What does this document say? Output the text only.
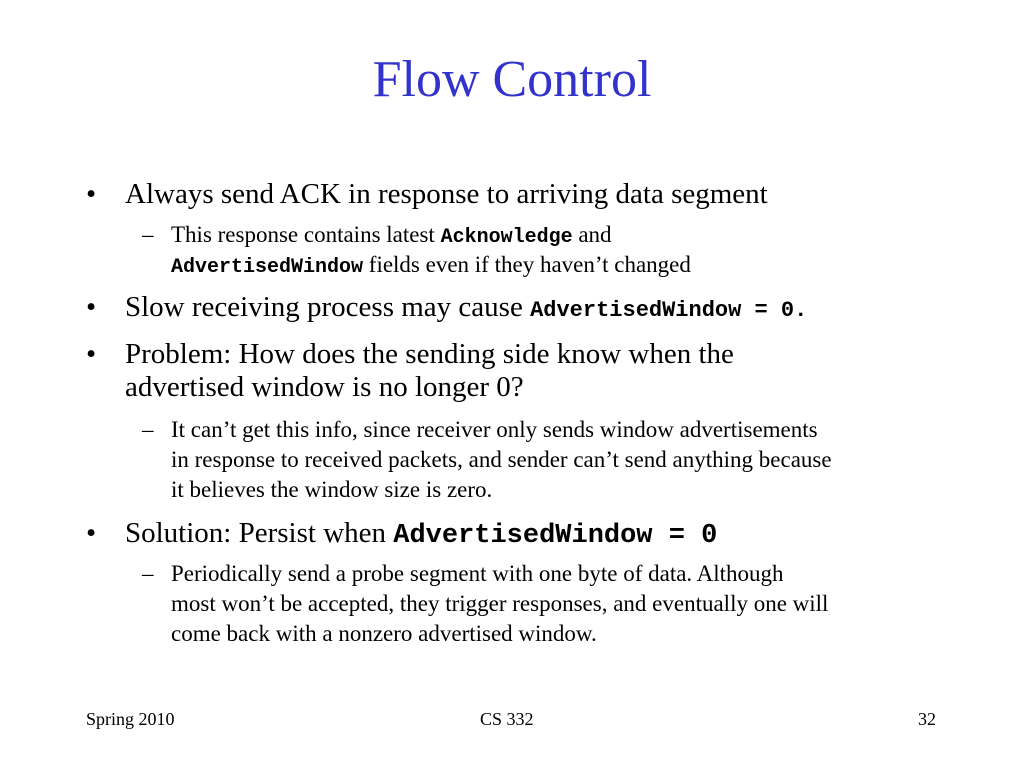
Flow Control
• Always send ACK in response to arriving data segment
– This response contains latest Acknowledge and
AdvertisedWindow fields even if they haven’t changed
• Slow receiving process may cause AdvertisedWindow = 0.
• Problem: How does the sending side know when the
advertised window is no longer 0?
– It can’t get this info, since receiver only sends window advertisements
in response to received packets, and sender can’t send anything because
it believes the window size is zero.
• Solution: Persist when AdvertisedWindow = 0
– Periodically send a probe segment with one byte of data. Although
most won’t be accepted, they trigger responses, and eventually one will
come back with a nonzero advertised window.
Spring 2010	CS 332	32
